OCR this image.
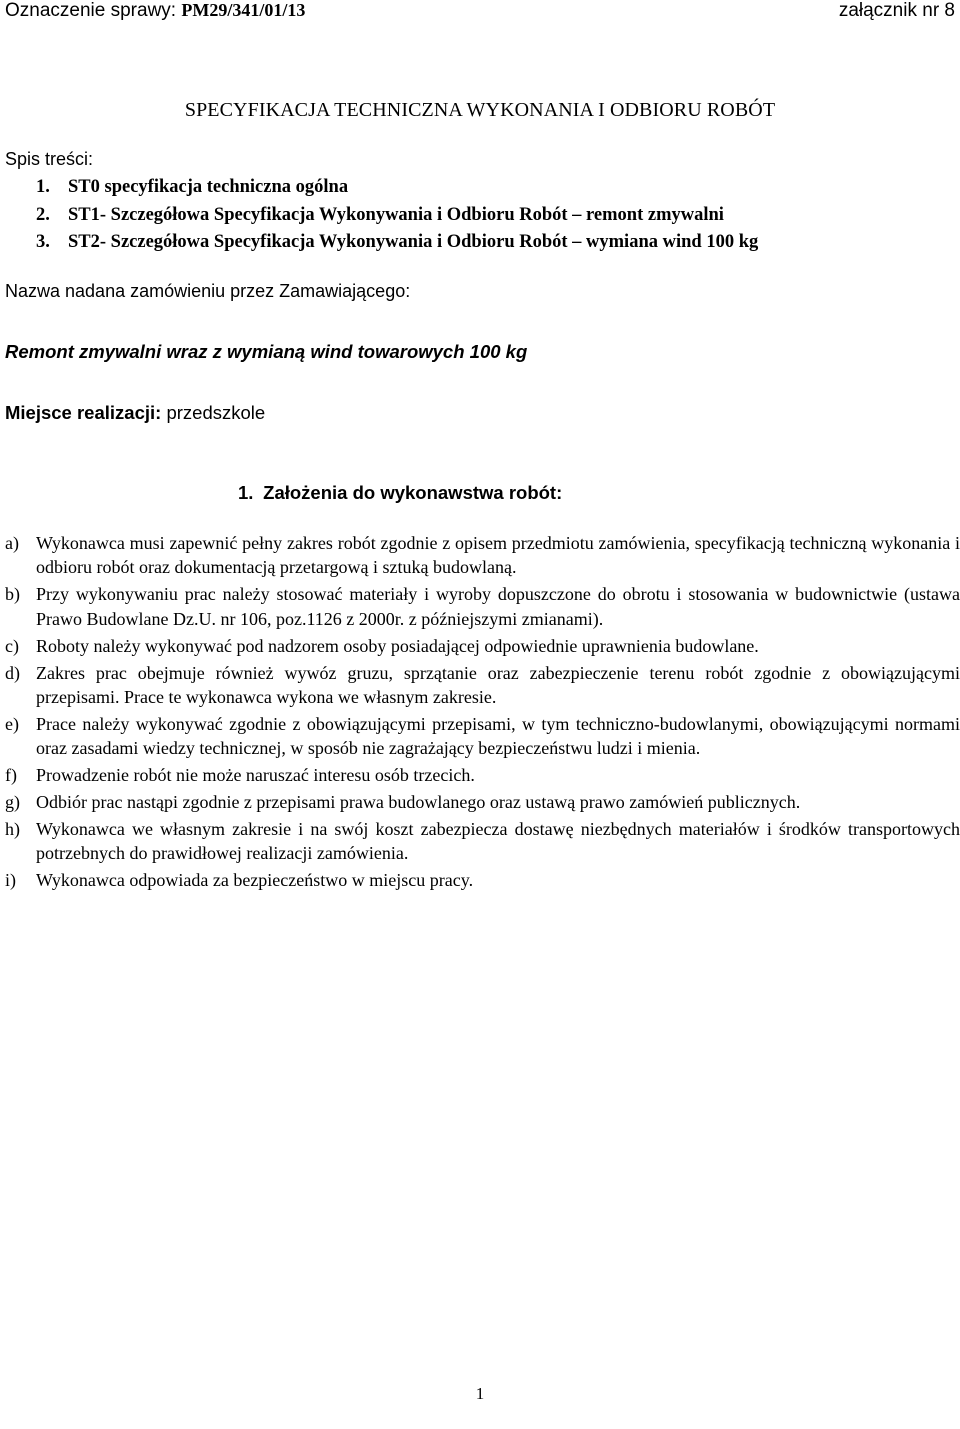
Oznaczenie sprawy: PM29/341/01/13	załącznik nr 8
SPECYFIKACJA TECHNICZNA WYKONANIA I ODBIORU ROBÓT
Spis treści:
1. ST0 specyfikacja techniczna ogólna
2. ST1- Szczegółowa Specyfikacja Wykonywania i Odbioru Robót – remont zmywalni
3. ST2- Szczegółowa Specyfikacja Wykonywania i Odbioru Robót – wymiana wind 100 kg
Nazwa nadana zamówieniu przez Zamawiającego:
Remont zmywalni wraz z wymianą wind towarowych 100 kg
Miejsce realizacji: przedszkole
1. Założenia do wykonawstwa robót:
a) Wykonawca musi zapewnić pełny zakres robót zgodnie z opisem przedmiotu zamówienia, specyfikacją techniczną wykonania i odbioru robót oraz dokumentacją przetargową i sztuką budowlaną.
b) Przy wykonywaniu prac należy stosować materiały i wyroby dopuszczone do obrotu i stosowania w budownictwie (ustawa Prawo Budowlane Dz.U. nr 106, poz.1126 z 2000r. z późniejszymi zmianami).
c) Roboty należy wykonywać pod nadzorem osoby posiadającej odpowiednie uprawnienia budowlane.
d) Zakres prac obejmuje również wywóz gruzu, sprzątanie oraz zabezpieczenie terenu robót zgodnie z obowiązującymi przepisami. Prace te wykonawca wykona we własnym zakresie.
e) Prace należy wykonywać zgodnie z obowiązującymi przepisami, w tym techniczno-budowlanymi, obowiązującymi normami oraz zasadami wiedzy technicznej, w sposób nie zagrażający bezpieczeństwu ludzi i mienia.
f) Prowadzenie robót nie może naruszać interesu osób trzecich.
g) Odbiór prac nastąpi zgodnie z przepisami prawa budowlanego oraz ustawą prawo zamówień publicznych.
h) Wykonawca we własnym zakresie i na swój koszt zabezpiecza dostawę niezbędnych materiałów i środków transportowych potrzebnych do prawidłowej realizacji zamówienia.
i) Wykonawca odpowiada za bezpieczeństwo w miejscu pracy.
1
